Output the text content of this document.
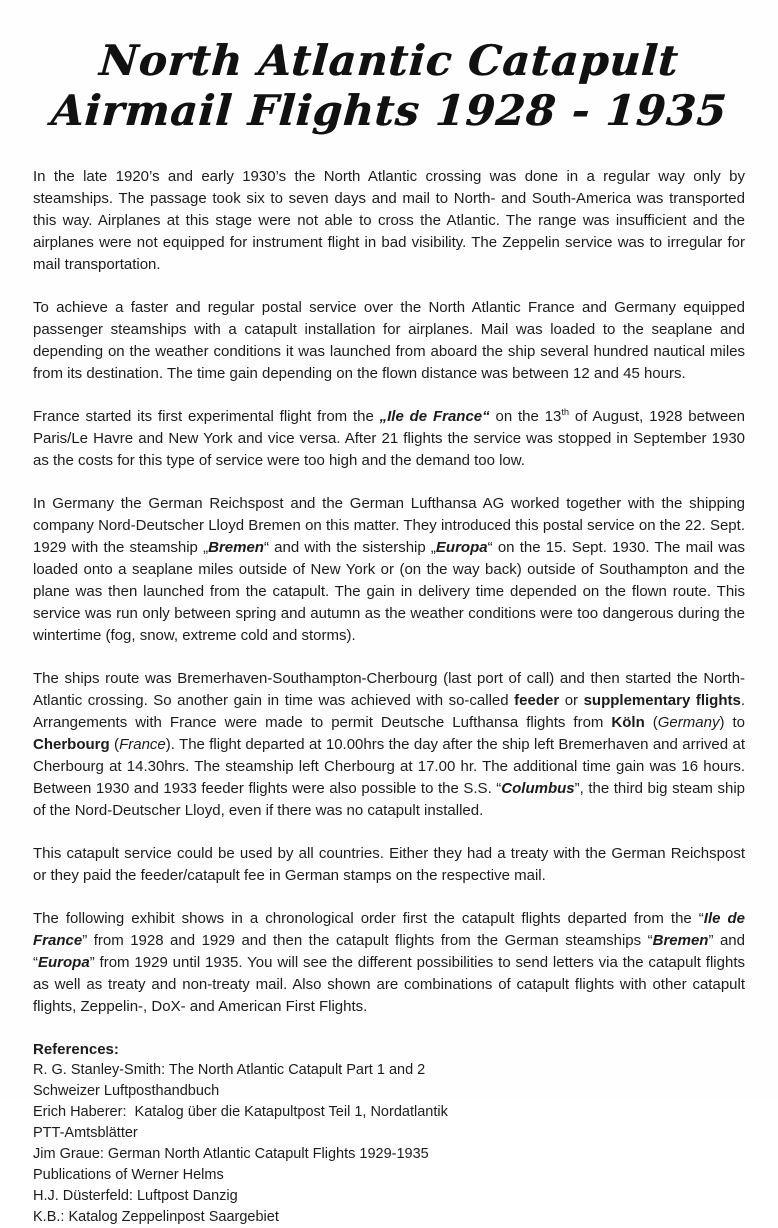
North Atlantic Catapult
Airmail Flights 1928 - 1935

In the late 1920’s and early 1930’s the North Atlantic crossing was done in a regular way only by steamships. The passage took six to seven days and mail to North- and South-America was transported this way. Airplanes at this stage were not able to cross the Atlantic. The range was insufficient and the airplanes were not equipped for instrument flight in bad visibility. The Zeppelin service was to irregular for mail transportation.

To achieve a faster and regular postal service over the North Atlantic France and Germany equipped passenger steamships with a catapult installation for airplanes. Mail was loaded to the seaplane and depending on the weather conditions it was launched from aboard the ship several hundred nautical miles from its destination. The time gain depending on the flown distance was between 12 and 45 hours.

France started its first experimental flight from the „Ile de France“ on the 13th of August, 1928 between Paris/Le Havre and New York and vice versa. After 21 flights the service was stopped in September 1930 as the costs for this type of service were too high and the demand too low.

In Germany the German Reichspost and the German Lufthansa AG worked together with the shipping company Nord-Deutscher Lloyd Bremen on this matter. They introduced this postal service on the 22. Sept. 1929 with the steamship „Bremen“ and with the sistership „Europa“ on the 15. Sept. 1930. The mail was loaded onto a seaplane miles outside of New York or (on the way back) outside of Southampton and the plane was then launched from the catapult. The gain in delivery time depended on the flown route. This service was run only between spring and autumn as the weather conditions were too dangerous during the wintertime (fog, snow, extreme cold and storms).

The ships route was Bremerhaven-Southampton-Cherbourg (last port of call) and then started the North-Atlantic crossing. So another gain in time was achieved with so-called feeder or supplementary flights. Arrangements with France were made to permit Deutsche Lufthansa flights from Köln (Germany) to Cherbourg (France). The flight departed at 10.00hrs the day after the ship left Bremerhaven and arrived at Cherbourg at 14.30hrs. The steamship left Cherbourg at 17.00 hr. The additional time gain was 16 hours. Between 1930 and 1933 feeder flights were also possible to the S.S. “Columbus”, the third big steam ship of the Nord-Deutscher Lloyd, even if there was no catapult installed.

This catapult service could be used by all countries. Either they had a treaty with the German Reichspost or they paid the feeder/catapult fee in German stamps on the respective mail.

The following exhibit shows in a chronological order first the catapult flights departed from the “Ile de France” from 1928 and 1929 and then the catapult flights from the German steamships “Bremen” and “Europa” from 1929 until 1935. You will see the different possibilities to send letters via the catapult flights as well as treaty and non-treaty mail. Also shown are combinations of catapult flights with other catapult flights, Zeppelin-, DoX- and American First Flights.

References:
R. G. Stanley-Smith: The North Atlantic Catapult Part 1 and 2
Schweizer Luftposthandbuch
Erich Haberer:  Katalog über die Katapultpost Teil 1, Nordatlantik
PTT-Amtsblätter
Jim Graue: German North Atlantic Catapult Flights 1929-1935
Publications of Werner Helms
H.J. Düsterfeld: Luftpost Danzig
K.B.: Katalog Zeppelinpost Saargebiet
